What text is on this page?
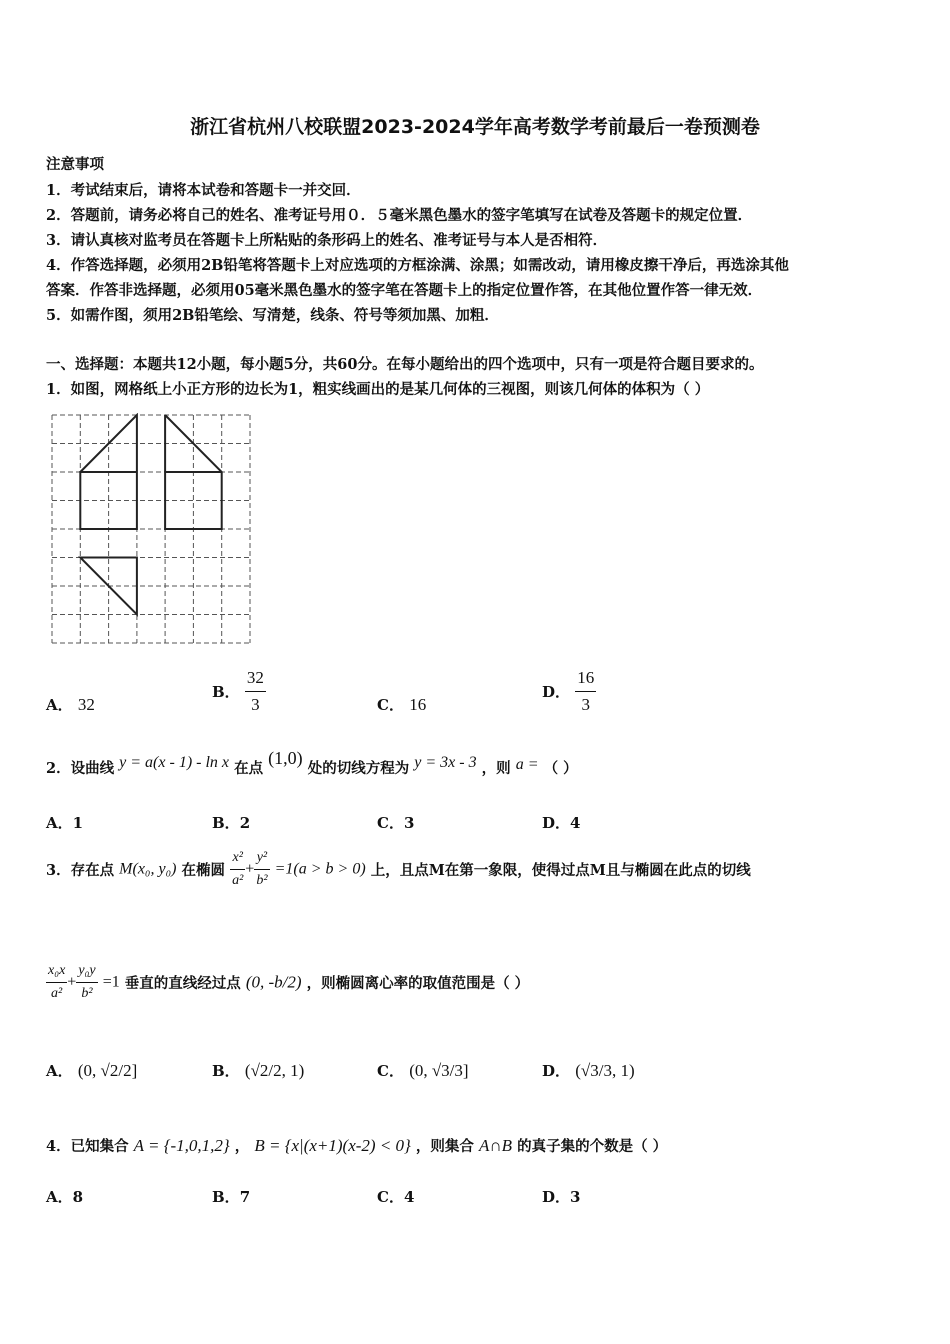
浙江省杭州八校联盟2023-2024学年高考数学考前最后一卷预测卷
注意事项
1．考试结束后，请将本试卷和答题卡一并交回．
2．答题前，请务必将自己的姓名、准考证号用０．５毫米黑色墨水的签字笔填写在试卷及答题卡的规定位置．
3．请认真核对监考员在答题卡上所粘贴的条形码上的姓名、准考证号与本人是否相符．
4．作答选择题，必须用2B铅笔将答题卡上对应选项的方框涂满、涂黑；如需改动，请用橡皮擦干净后，再选涂其他
答案．作答非选择题，必须用05毫米黑色墨水的签字笔在答题卡上的指定位置作答，在其他位置作答一律无效．
5．如需作图，须用2B铅笔绘、写清楚，线条、符号等须加黑、加粗．
一、选择题：本题共12小题，每小题5分，共60分。在每小题给出的四个选项中，只有一项是符合题目要求的。
1．如图，网格纸上小正方形的边长为1，粗实线画出的是某几何体的三视图，则该几何体的体积为（ ）
A． 32
B． $\frac{32}{3}$	C． 16
D． $\frac{16}{3}$
2．设曲线 y = a(x - 1) - ln x 在点 (1,0) 处的切线方程为 y = 3x - 3 ，则 a = （ ）
A．1	B．2	C．3	D．4
3．存在点 M(x₀, y₀) 在椭圆 $\frac{\text{x²}}{\text{a²}} + \frac{\text{y²}}{\text{b²}} =1(a > b > 0)$ 上，且点M在第一象限，使得过点M且与椭圆在此点的切线
$\frac{\text{x₀x}}{\text{a²}} + \frac{\text{y₀y}}{\text{b²}} =1$ 垂直的直线经过点 (0, -b/2) ，则椭圆离心率的取值范围是（ ）
A． (0, √2/2]	B． (√2/2, 1)	C． (0, √3/3]	D． (√3/3, 1)
4．已知集合 A = {-1,0,1,2} ， B = {x|(x+1)(x-2) < 0} ，则集合 A∩B 的真子集的个数是（ ）
A．8	B．7	C．4	D．3
